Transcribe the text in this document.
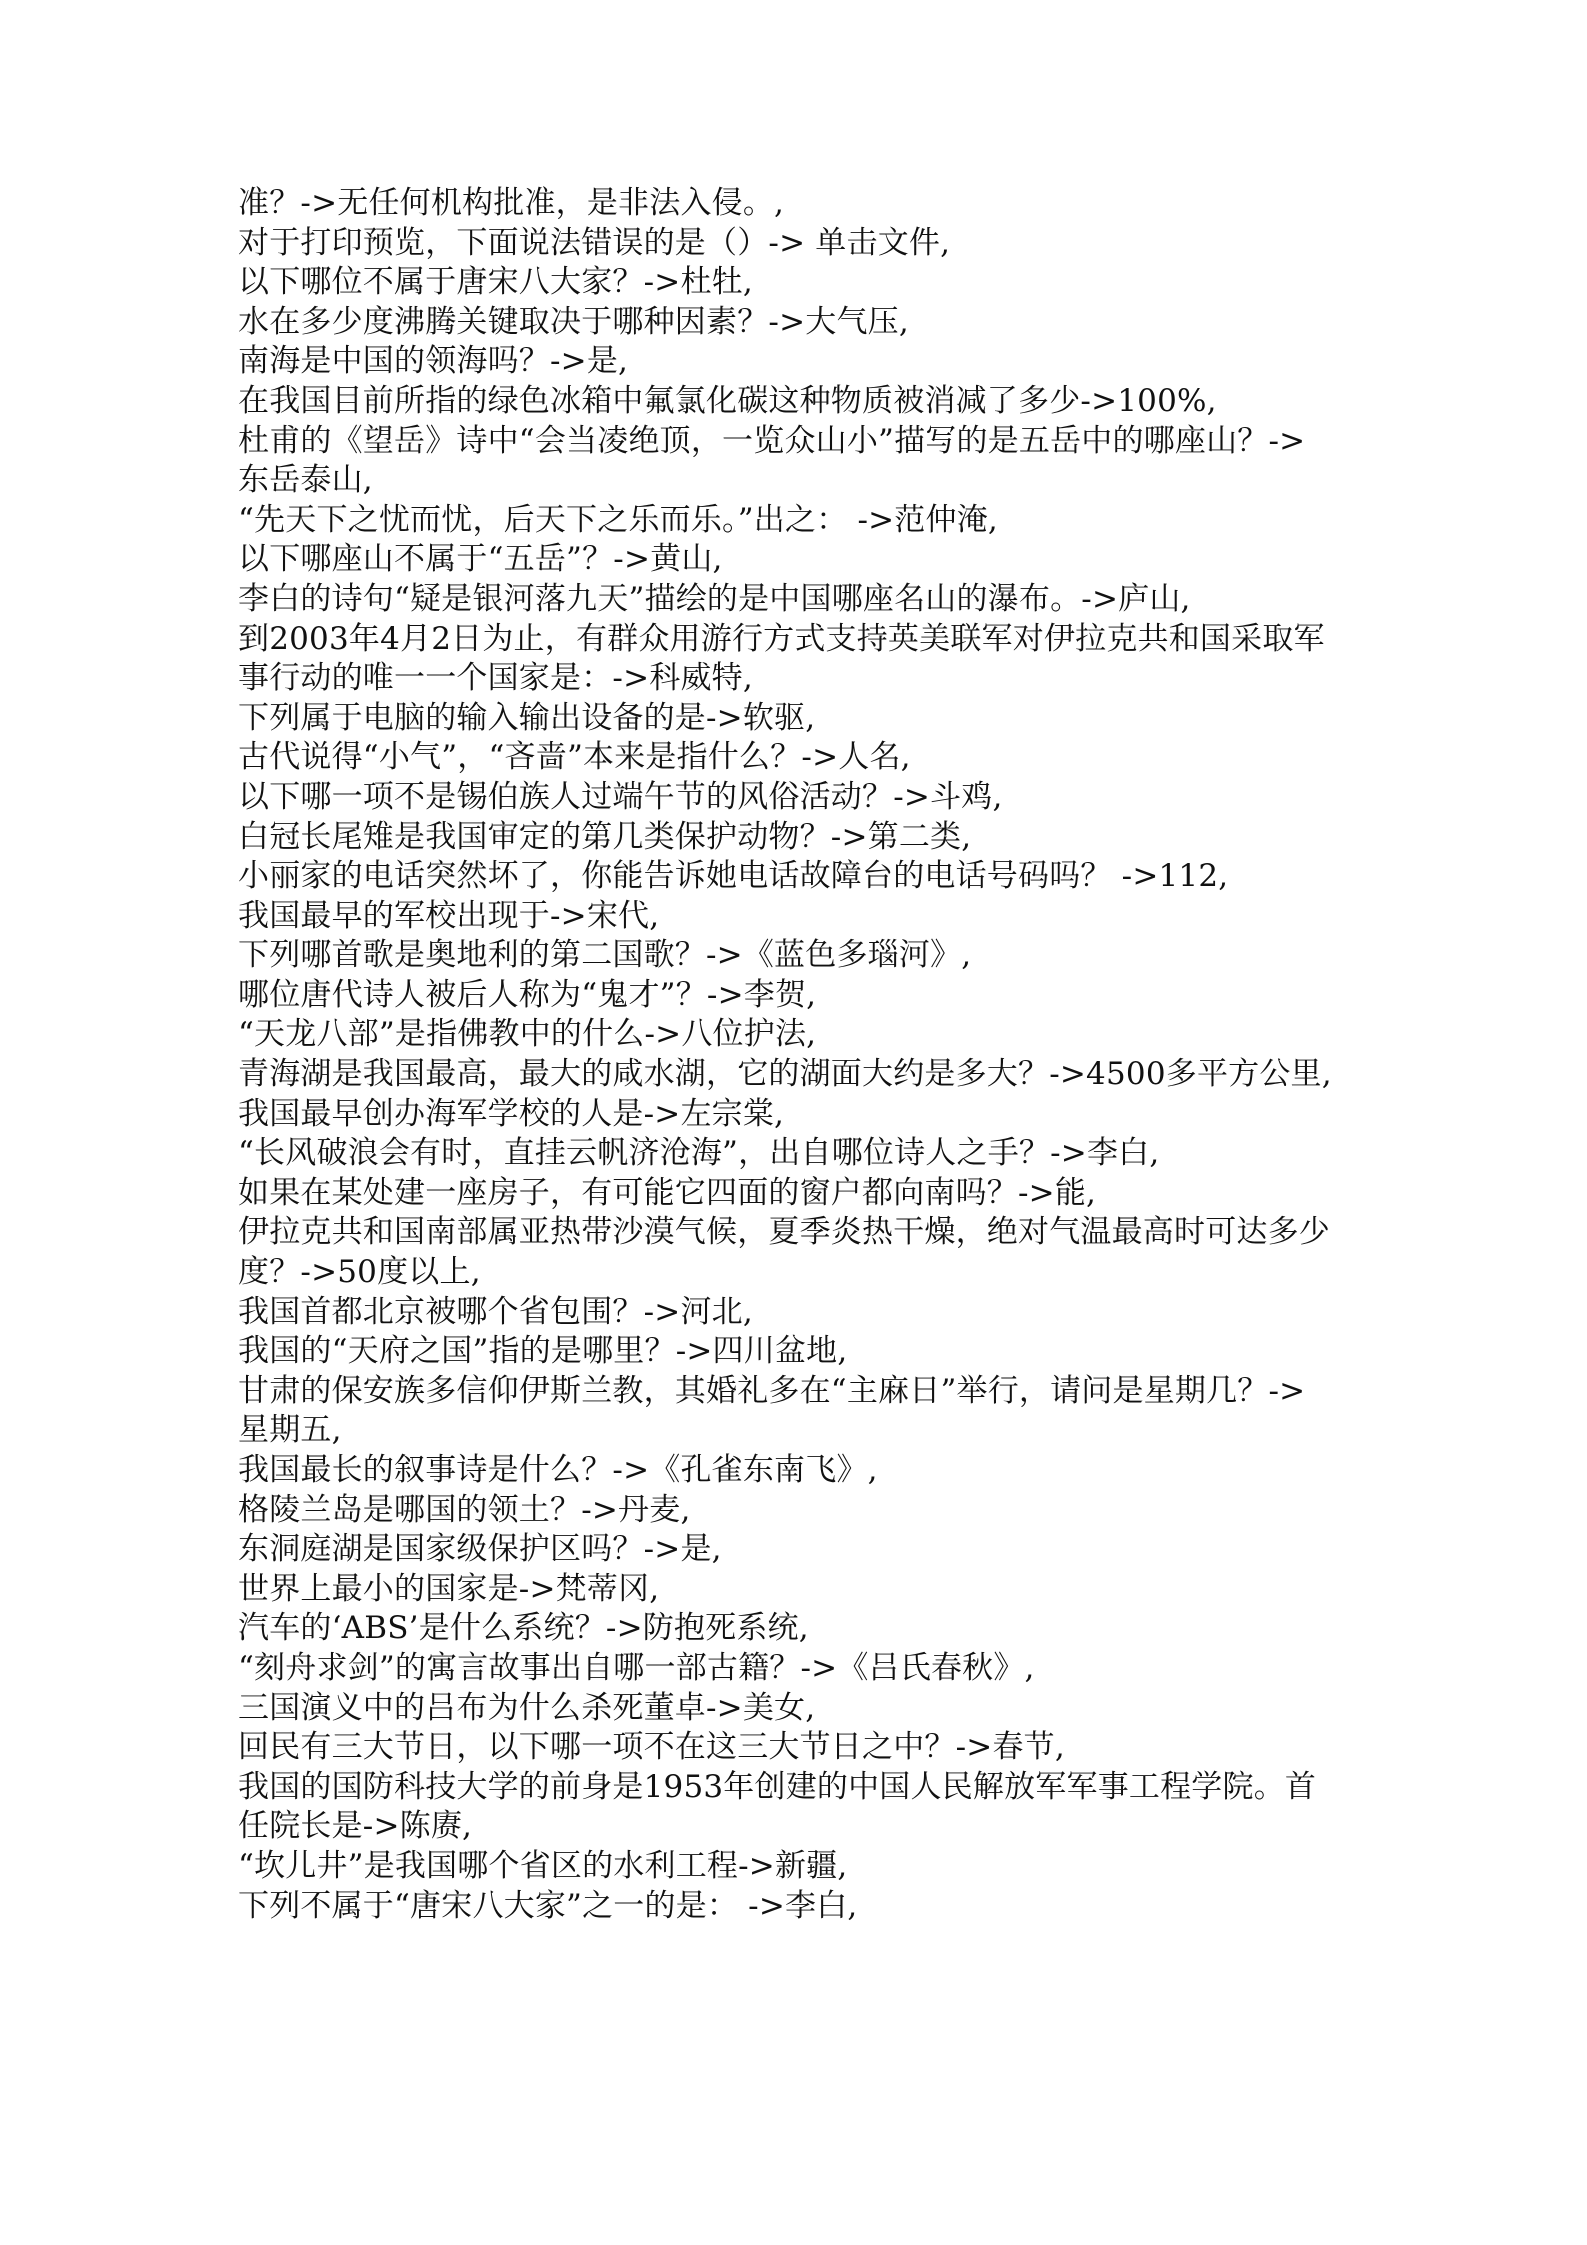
准？->无任何机构批准，是非法入侵。,
对于打印预览，下面说法错误的是（）-> 单击文件,
以下哪位不属于唐宋八大家？->杜牡,
水在多少度沸腾关键取决于哪种因素？->大气压,
南海是中国的领海吗？->是,
在我国目前所指的绿色冰箱中氟氯化碳这种物质被消减了多少->100%,
杜甫的《望岳》诗中“会当凌绝顶，一览众山小”描写的是五岳中的哪座山？->
东岳泰山,
“先天下之忧而忧，后天下之乐而乐。”出之： ->范仲淹,
以下哪座山不属于“五岳”？->黄山,
李白的诗句“疑是银河落九天”描绘的是中国哪座名山的瀑布。->庐山,
到2003年4月2日为止，有群众用游行方式支持英美联军对伊拉克共和国采取军
事行动的唯一一个国家是：->科威特,
下列属于电脑的输入输出设备的是->软驱,
古代说得“小气”，“吝啬”本来是指什么？->人名,
以下哪一项不是锡伯族人过端午节的风俗活动？->斗鸡,
白冠长尾雉是我国审定的第几类保护动物？->第二类,
小丽家的电话突然坏了，你能告诉她电话故障台的电话号码吗？ ->112,
我国最早的军校出现于->宋代,
下列哪首歌是奥地利的第二国歌？->《蓝色多瑙河》,
哪位唐代诗人被后人称为“鬼才”？->李贺,
“天龙八部”是指佛教中的什么->八位护法,
青海湖是我国最高，最大的咸水湖，它的湖面大约是多大？->4500多平方公里,
我国最早创办海军学校的人是->左宗棠,
“长风破浪会有时，直挂云帆济沧海”，出自哪位诗人之手？->李白,
如果在某处建一座房子，有可能它四面的窗户都向南吗？->能,
伊拉克共和国南部属亚热带沙漠气候，夏季炎热干燥，绝对气温最高时可达多少
度？->50度以上,
我国首都北京被哪个省包围？->河北,
我国的“天府之国”指的是哪里？->四川盆地,
甘肃的保安族多信仰伊斯兰教，其婚礼多在“主麻日”举行，请问是星期几？->
星期五,
我国最长的叙事诗是什么？->《孔雀东南飞》,
格陵兰岛是哪国的领土？->丹麦,
东洞庭湖是国家级保护区吗？->是,
世界上最小的国家是->梵蒂冈,
汽车的‘ABS’是什么系统？->防抱死系统,
“刻舟求剑”的寓言故事出自哪一部古籍？->《吕氏春秋》,
三国演义中的吕布为什么杀死董卓->美女,
回民有三大节日，以下哪一项不在这三大节日之中？->春节,
我国的国防科技大学的前身是1953年创建的中国人民解放军军事工程学院。首
任院长是->陈赓,
“坎儿井”是我国哪个省区的水利工程->新疆,
下列不属于“唐宋八大家”之一的是： ->李白,
